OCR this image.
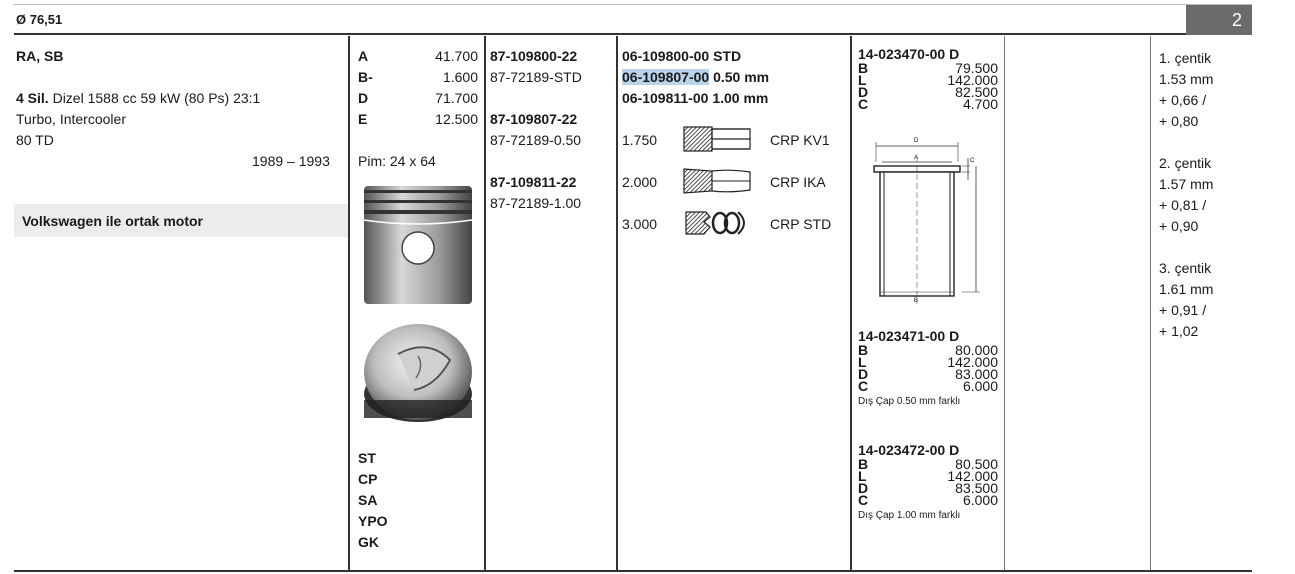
Ø 76,51	2
RA, SB
4 Sil. Dizel 1588 cc 59 kW (80 Ps) 23:1
Turbo, Intercooler
80 TD
1989 – 1993
Volkswagen ile ortak motor
A	41.700
B-	1.600
D	71.700
E	12.500
Pim: 24 x 64
ST
CP
SA
YPO
GK
87-109800-22
87-72189-STD
87-109807-22
87-72189-0.50
87-109811-22
87-72189-1.00
06-109800-00 STD
06-109807-00 0.50 mm
06-109811-00 1.00 mm
1.750	CRP KV1
2.000	CRP IKA
3.000	CRP STD
14-023470-00 D
B	79.500
L	142.000
D	82.500
C	4.700
D
A
B
C
14-023471-00 D
B	80.000
L	142.000
D	83.000
C	6.000
Dış Çap 0.50 mm farklı
14-023472-00 D
B	80.500
L	142.000
D	83.500
C	6.000
Dış Çap 1.00 mm farklı
1. çentik
1.53 mm
+ 0,66 /
+ 0,80
2. çentik
1.57 mm
+ 0,81 /
+ 0,90
3. çentik
1.61 mm
+ 0,91 /
+ 1,02
